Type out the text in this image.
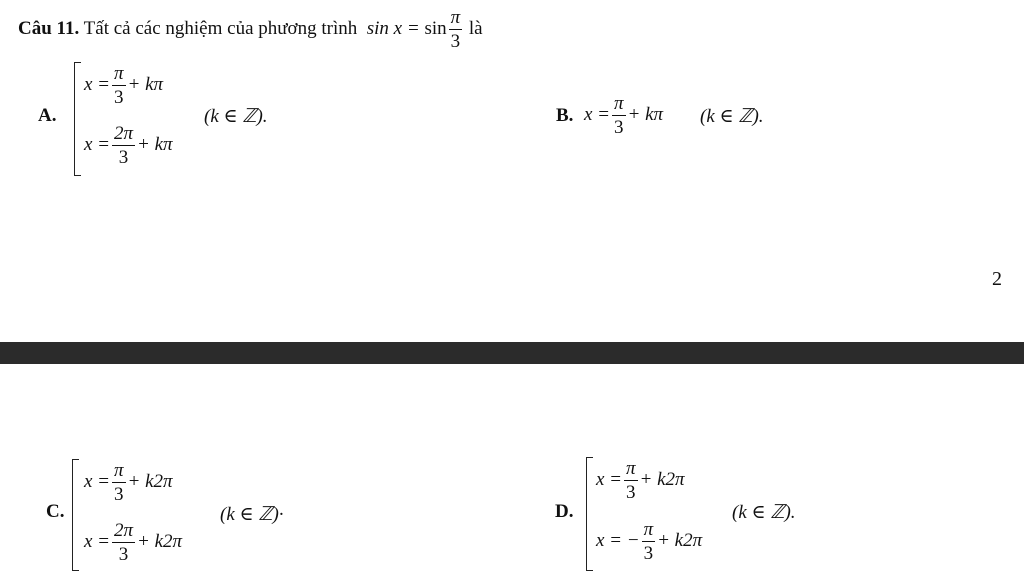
Câu 11. Tất cả các nghiệm của phương trình $\sin x = \sin \frac{\pi}{3}$ là
A.
$x = \frac{\pi}{3} + k\pi$
$x = \frac{2\pi}{3} + k\pi$
(k ∈ ℤ).	B. $x = \frac{\pi}{3} + k\pi$ (k ∈ ℤ).
2
C.
$x = \frac{\pi}{3} + k2\pi$
$x = \frac{2\pi}{3} + k2\pi$
(k ∈ ℤ)·	D.
$x = \frac{\pi}{3} + k2\pi$
x = − $\frac{\pi}{3} + k2\pi$
(k ∈ ℤ).
